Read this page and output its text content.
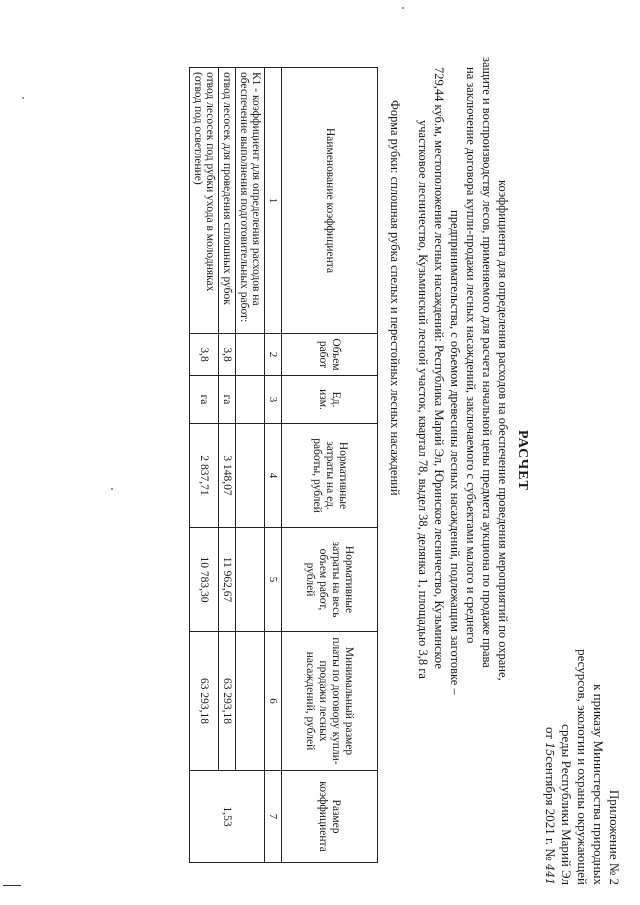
Приложение № 2
к приказу Министерства природных
ресурсов, экологии и охраны окружающей
среды Республики Марий Эл
от 15сентября 2021 г. № 441
РАСЧЕТ
коэффициента для определения расходов на обеспечение проведения мероприятий по охране,
защите и воспроизводству лесов, применяемого для расчета начальной цены предмета аукциона по продаже права
на заключение договора купли-продажи лесных насаждений, заключаемого с субъектами малого и среднего
предпринимательства, с объемом древесины лесных насаждений, подлежащим заготовке –
729,44 куб.м, местоположение лесных насаждений: Республика Марий Эл, Юринское лесничество, Кузьминское
участковое лесничество, Кузьминский лесной участок, квартал 78, выдел 38, делянка 1, площадью 3,8 га
Форма рубки: сплошная рубка спелых и перестойных лесных насаждений
Наименование коэффициента	Объем работ	Ед. изм.	Нормативные затраты на ед. работы, рублей	Нормативные затраты на весь объем работ, рублей	Минимальный размер платы по договору купли-продажи лесных насаждений, рублей	Размер коэффициента
1	2	3	4	5	6	7
К1 - коэффициент для определения расходов на
обеспечение выполнения подготовительных работ:						1,53
отвод лесосек для проведения сплошных рубок	3,8	га	3 148,07	11 962,67	63 293,18	
отвод лесосек под рубки ухода в молодняках
(отвод под осветление)	3,8	га	2 837,71	10 783,30	63 293,18	
